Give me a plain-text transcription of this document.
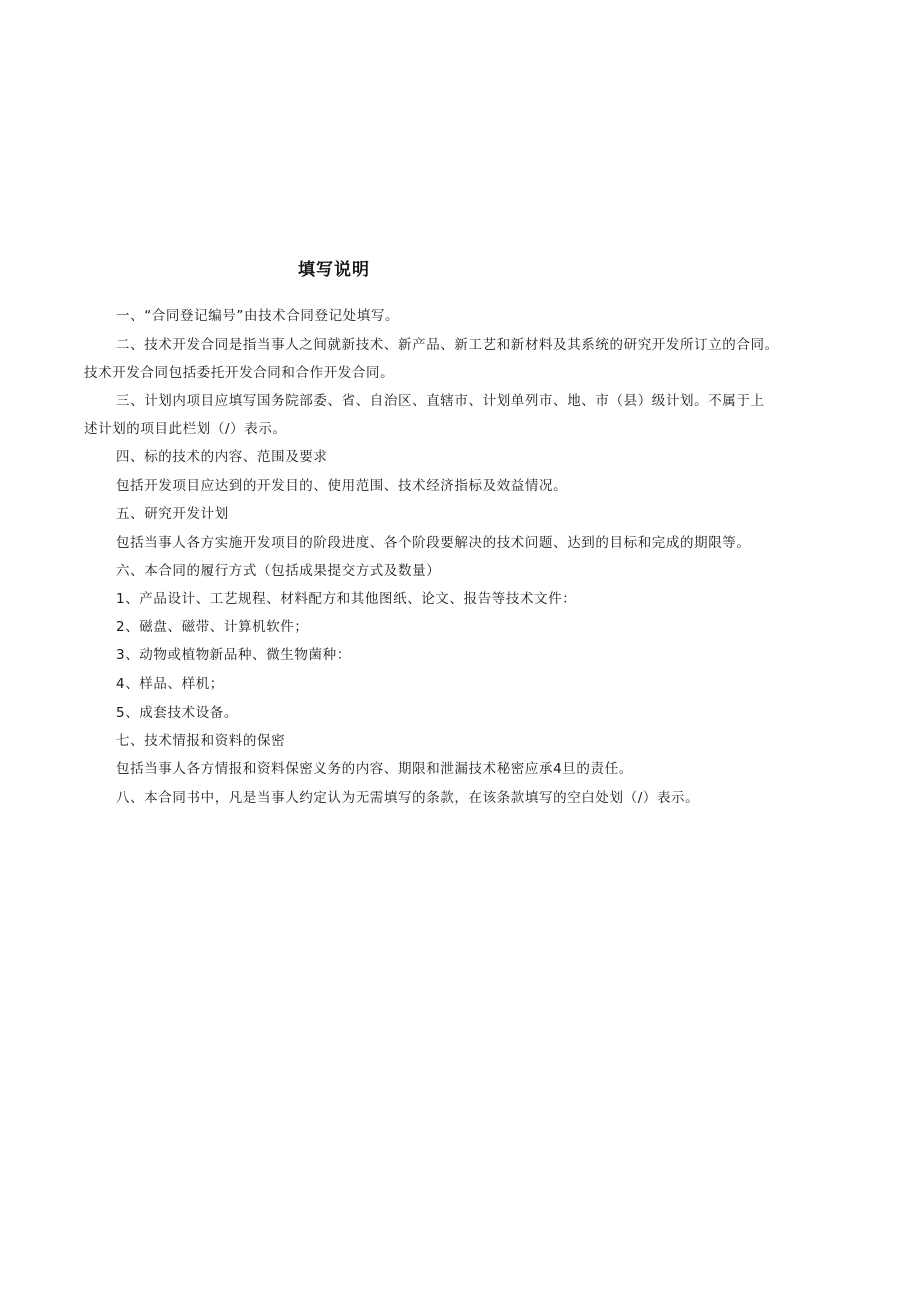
填写说明
一、“合同登记编号”由技术合同登记处填写。
二、技术开发合同是指当事人之间就新技术、新产品、新工艺和新材料及其系统的研究开发所订立的合同。
技术开发合同包括委托开发合同和合作开发合同。
三、计划内项目应填写国务院部委、省、自治区、直辖市、计划单列市、地、市（县）级计划。不属于上
述计划的项目此栏划（/）表示。
四、标的技术的内容、范围及要求
包括开发项目应达到的开发目的、使用范围、技术经济指标及效益情况。
五、研究开发计划
包括当事人各方实施开发项目的阶段进度、各个阶段要解决的技术问题、达到的目标和完成的期限等。
六、本合同的履行方式（包括成果提交方式及数量）
1、产品设计、工艺规程、材料配方和其他图纸、论文、报告等技术文件：
2、磁盘、磁带、计算机软件；
3、动物或植物新品种、微生物菌种：
4、样品、样机；
5、成套技术设备。
七、技术情报和资料的保密
包括当事人各方情报和资料保密义务的内容、期限和泄漏技术秘密应承4旦的责任。
八、本合同书中，凡是当事人约定认为无需填写的条款，在该条款填写的空白处划（/）表示。
